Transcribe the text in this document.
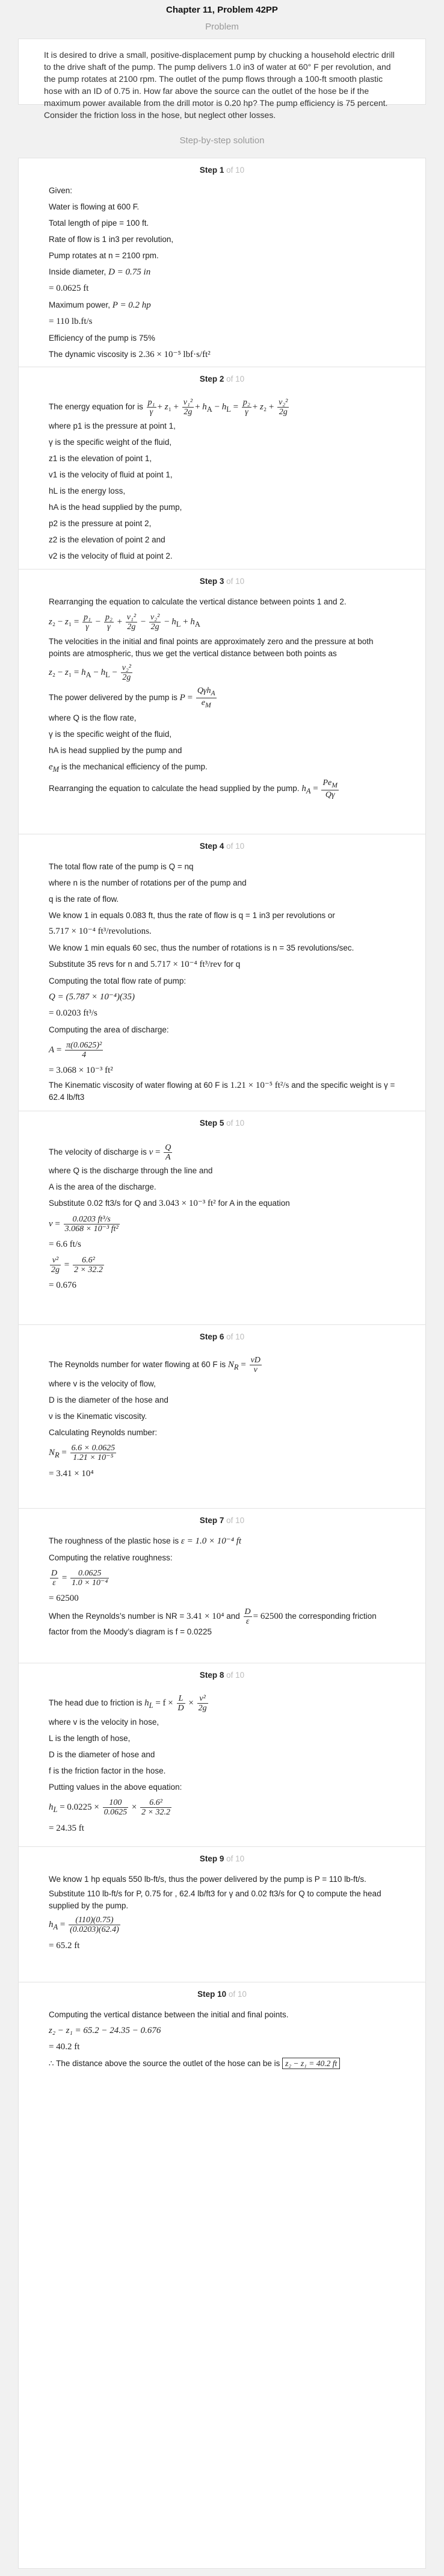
Chapter 11, Problem 42PP
Problem
It is desired to drive a small, positive-displacement pump by chucking a household electric drill to the drive shaft of the pump. The pump delivers 1.0 in3 of water at 60° F per revolution, and the pump rotates at 2100 rpm. The outlet of the pump flows through a 100-ft smooth plastic hose with an ID of 0.75 in. How far above the source can the outlet of the hose be if the maximum power available from the drill motor is 0.20 hp? The pump efficiency is 75 percent. Consider the friction loss in the hose, but neglect other losses.
Step-by-step solution
Step 1 of 10
Given:
Water is flowing at 600 F.
Total length of pipe = 100 ft.
Rate of flow is 1 in3 per revolution,
Pump rotates at n = 2100 rpm.
Inside diameter, D = 0.75 in
= 0.0625 ft
Maximum power, P = 0.2 hp
= 110 lb.ft/s
Efficiency of the pump is 75%
The dynamic viscosity is 2.36 × 10⁻⁵ lbf·s/ft²
Step 2 of 10
The energy equation for is $\frac{\text{p₁}}{\gamma} + z_1 + \frac{\text{v₁²}}{2g} + h_A - h_L = \frac{\text{p₂}}{\gamma} + z_2 + \frac{\text{v₂²}}{2g}$
where p1 is the pressure at point 1,
γ is the specific weight of the fluid,
z1 is the elevation of point 1,
v1 is the velocity of fluid at point 1,
hL is the energy loss,
hA is the head supplied by the pump,
p2 is the pressure at point 2,
z2 is the elevation of point 2 and
v2 is the velocity of fluid at point 2.
Step 3 of 10
Rearranging the equation to calculate the vertical distance between points 1 and 2.
$z_2 - z_1 = \frac{\text{p₁}}{\gamma} - \frac{\text{p₂}}{\gamma} + \frac{\text{v₁²}}{2g} - \frac{\text{v₂²}}{2g} - h_L + h_A$
The velocities in the initial and final points are approximately zero and the pressure at both points are atmospheric, thus we get the vertical distance between both points as
$z_2 - z_1 = h_A - h_L - \frac{\text{v₂²}}{2g}$
The power delivered by the pump is $P = \frac{Q\gamma h_A}{e_M}$
where Q is the flow rate,
γ is the specific weight of the fluid,
hA is head supplied by the pump and
$e_M$ is the mechanical efficiency of the pump.
Rearranging the equation to calculate the head supplied by the pump. $h_A = \frac{Pe_M}{Q\gamma}$
Step 4 of 10
The total flow rate of the pump is Q = nq
where n is the number of rotations per of the pump and
q is the rate of flow.
We know 1 in equals 0.083 ft, thus the rate of flow is q = 1 in3 per revolutions or
5.717 × 10⁻⁴ ft³/revolutions.
We know 1 min equals 60 sec, thus the number of rotations is n = 35 revolutions/sec.
Substitute 35 revs for n and 5.717 × 10⁻⁴ ft³/rev for q
Computing the total flow rate of pump:
Q = (5.787 × 10⁻⁴)(35)
= 0.0203 ft³/s
Computing the area of discharge:
$A = \frac{\text{π(0.0625)²}}{4}$
= 3.068 × 10⁻³ ft²
The Kinematic viscosity of water flowing at 60 F is 1.21 × 10⁻⁵ ft²/s and the specific weight is γ = 62.4 lb/ft3
Step 5 of 10
The velocity of discharge is $v = \frac{Q}{A}$
where Q is the discharge through the line and
A is the area of the discharge.
Substitute 0.02 ft3/s for Q and 3.043 × 10⁻³ ft² for A in the equation
$v = \frac{\text{0.0203 ft³/s}}{\text{3.068 × 10⁻³ ft²}}$
= 6.6 ft/s
$\frac{\text{v²}}{2g} = \frac{\text{6.6²}}{2 \times 32.2}$
= 0.676
Step 6 of 10
The Reynolds number for water flowing at 60 F is $N_R = \frac{vD}{\nu}$
where v is the velocity of flow,
D is the diameter of the hose and
ν is the Kinematic viscosity.
Calculating Reynolds number:
$N_R = \frac{6.6 \times 0.0625}{\text{1.21 × 10⁻⁵}}$
= 3.41 × 10⁴
Step 7 of 10
The roughness of the plastic hose is ε = 1.0 × 10⁻⁴ ft
Computing the relative roughness:
$\frac{D}{\varepsilon} = \frac{0.0625}{\text{1.0 × 10⁻⁴}}$
= 62500
When the Reynolds’s number is NR = 3.41 × 10⁴ and $\frac{D}{\varepsilon} = 62500$ the corresponding friction factor from the Moody’s diagram is f = 0.0225
Step 8 of 10
The head due to friction is $h_L = f \times \frac{L}{D} \times \frac{\text{v²}}{2g}$
where v is the velocity in hose,
L is the length of hose,
D is the diameter of hose and
f is the friction factor in the hose.
Putting values in the above equation:
$h_L = 0.0225 \times \frac{100}{0.0625} \times \frac{\text{6.6²}}{2 \times 32.2}$
= 24.35 ft
Step 9 of 10
We know 1 hp equals 550 lb-ft/s, thus the power delivered by the pump is P = 110 lb-ft/s.
Substitute 110 lb-ft/s for P, 0.75 for , 62.4 lb/ft3 for γ and 0.02 ft3/s for Q to compute the head supplied by the pump.
$h_A = \frac{(110)(0.75)}{(0.0203)(62.4)}$
= 65.2 ft
Step 10 of 10
Computing the vertical distance between the initial and final points.
z₂ − z₁ = 65.2 − 24.35 − 0.676
= 40.2 ft
∴ The distance above the source the outlet of the hose can be is z₂ − z₁ = 40.2 ft
